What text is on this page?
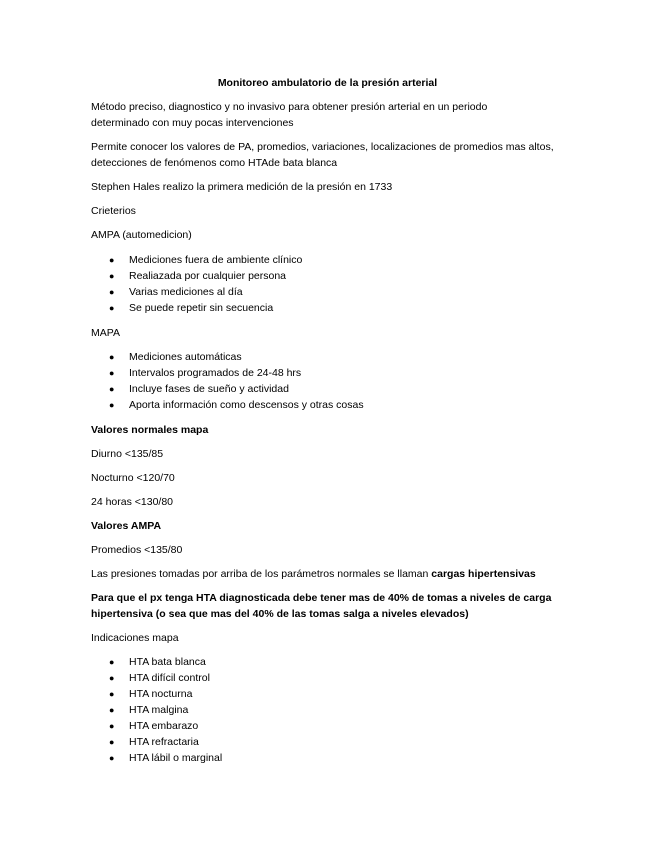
Monitoreo ambulatorio de la presión arterial
Método preciso, diagnostico y no invasivo para obtener presión arterial en un periodo
determinado con muy pocas intervenciones
Permite conocer los valores de PA, promedios, variaciones, localizaciones de promedios mas altos,
detecciones de fenómenos como HTAde bata blanca
Stephen Hales realizo la primera medición de la presión en 1733
Crieterios
AMPA (automedicion)
● Mediciones fuera de ambiente clínico
● Realiazada por cualquier persona
● Varias mediciones al día
● Se puede repetir sin secuencia
MAPA
● Mediciones automáticas
● Intervalos programados de 24-48 hrs
● Incluye fases de sueño y actividad
● Aporta información como descensos y otras cosas
Valores normales mapa
Diurno <135/85
Nocturno <120/70
24 horas <130/80
Valores AMPA
Promedios <135/80
Las presiones tomadas por arriba de los parámetros normales se llaman cargas hipertensivas
Para que el px tenga HTA diagnosticada debe tener mas de 40% de tomas a niveles de carga
hipertensiva (o sea que mas del 40% de las tomas salga a niveles elevados)
Indicaciones mapa
● HTA bata blanca
● HTA difícil control
● HTA nocturna
● HTA malgina
● HTA embarazo
● HTA refractaria
● HTA lábil o marginal
